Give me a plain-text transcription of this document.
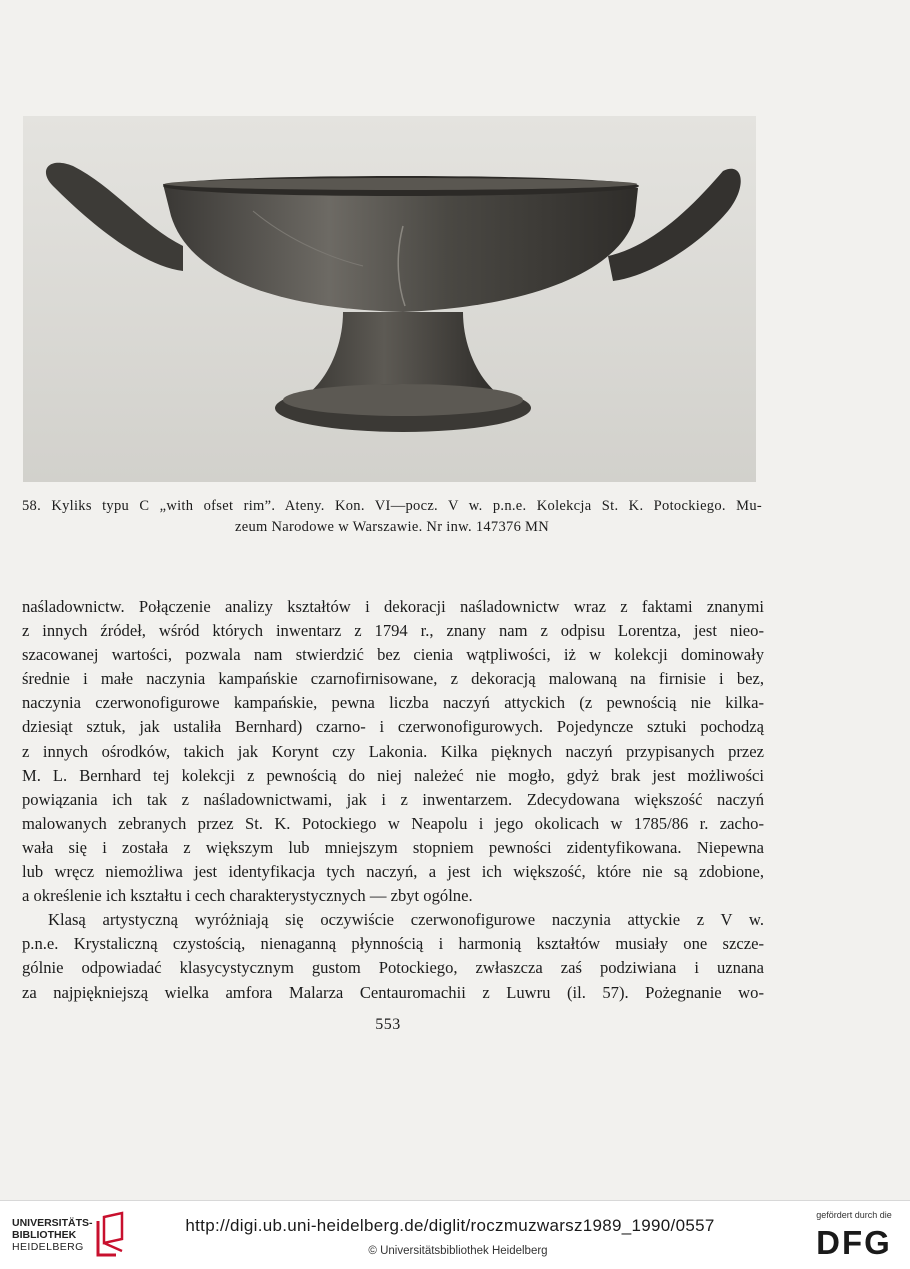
58. Kyliks typu C „with ofset rim”. Ateny. Kon. VI—pocz. V w. p.n.e. Kolekcja St. K. Potockiego. Mu-
zeum Narodowe w Warszawie. Nr inw. 147376 MN
naśladownictw. Połączenie analizy kształtów i dekoracji naśladownictw wraz z faktami znanymi
z innych źródeł, wśród których inwentarz z 1794 r., znany nam z odpisu Lorentza, jest nieo-
szacowanej wartości, pozwala nam stwierdzić bez cienia wątpliwości, iż w kolekcji dominowały
średnie i małe naczynia kampańskie czarnofirnisowane, z dekoracją malowaną na firnisie i bez,
naczynia czerwonofigurowe kampańskie, pewna liczba naczyń attyckich (z pewnością nie kilka-
dziesiąt sztuk, jak ustaliła Bernhard) czarno- i czerwonofigurowych. Pojedyncze sztuki pochodzą
z innych ośrodków, takich jak Korynt czy Lakonia. Kilka pięknych naczyń przypisanych przez
M. L. Bernhard tej kolekcji z pewnością do niej należeć nie mogło, gdyż brak jest możliwości
powiązania ich tak z naśladownictwami, jak i z inwentarzem. Zdecydowana większość naczyń
malowanych zebranych przez St. K. Potockiego w Neapolu i jego okolicach w 1785/86 r. zacho-
wała się i została z większym lub mniejszym stopniem pewności zidentyfikowana. Niepewna
lub wręcz niemożliwa jest identyfikacja tych naczyń, a jest ich większość, które nie są zdobione,
a określenie ich kształtu i cech charakterystycznych — zbyt ogólne.
Klasą artystyczną wyróżniają się oczywiście czerwonofigurowe naczynia attyckie z V w.
p.n.e. Krystaliczną czystością, nienaganną płynnością i harmonią kształtów musiały one szcze-
gólnie odpowiadać klasycystycznym gustom Potockiego, zwłaszcza zaś podziwiana i uznana
za najpiękniejszą wielka amfora Malarza Centauromachii z Luwru (il. 57). Pożegnanie wo-
553
UNIVERSITÄTS-
BIBLIOTHEK
HEIDELBERG
http://digi.ub.uni-heidelberg.de/diglit/roczmuzwarsz1989_1990/0557
© Universitätsbibliothek Heidelberg
gefördert durch die
DFG
